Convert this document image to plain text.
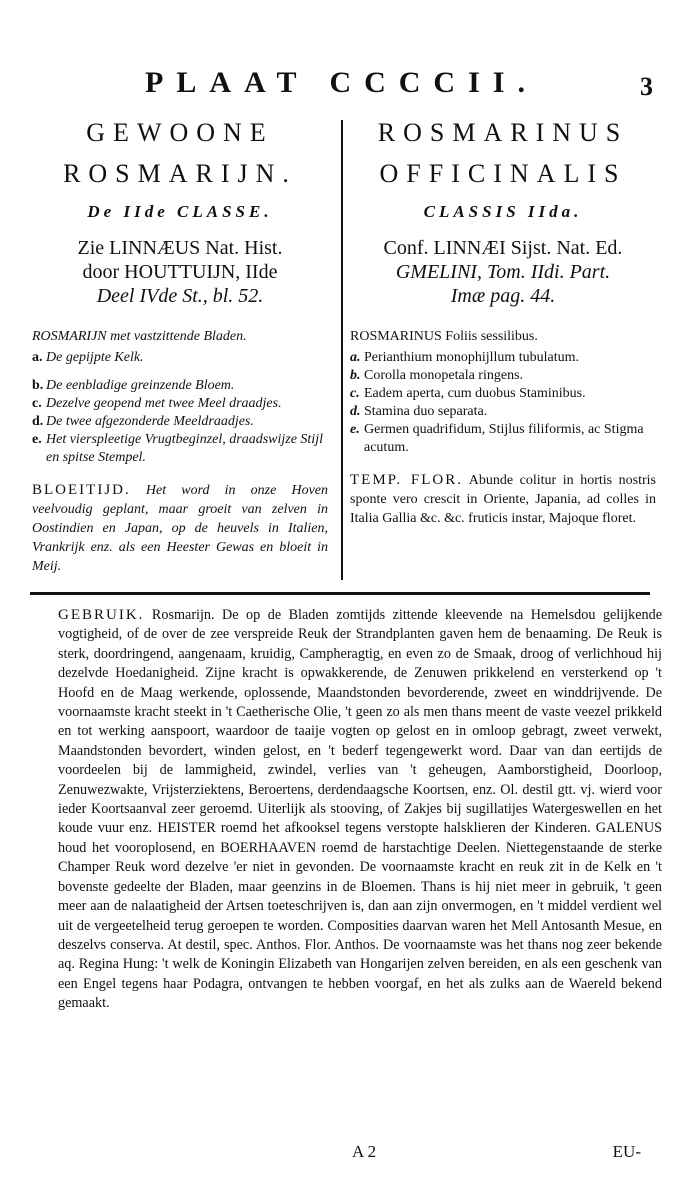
3
PLAAT CCCCII.
GEWOONE
ROSMARIJN.
De IIde CLASSE.
Zie LINNÆUS Nat. Hist.
door HOUTTUIJN, IIde
Deel IVde St., bl. 52.
ROSMARIJN met vastzittende Bladen.
a. De gepijpte Kelk.
b. De eenbladige greinzende Bloem.
c. Dezelve geopend met twee Meel draadjes.
d. De twee afgezonderde Meeldraadjes.
e. Het vierspleetige Vrugtbeginzel, draadswijze Stijl en spitse Stempel.
BLOEITIJD. Het word in onze Hoven veelvoudig geplant, maar groeit van zelven in Oostindien en Japan, op de heuvels in Italien, Vrankrijk enz. als een Heester Gewas en bloeit in Meij.
ROSMARINUS
OFFICINALIS
CLASSIS IIda.
Conf. LINNÆI Sijst. Nat. Ed.
GMELINI, Tom. IIdi. Part.
Imæ pag. 44.
ROSMARINUS Foliis sessilibus.
a. Perianthium monophijllum tubulatum.
b. Corolla monopetala ringens.
c. Eadem aperta, cum duobus Staminibus.
d. Stamina duo separata.
e. Germen quadrifidum, Stijlus filiformis, ac Stigma acutum.
TEMP. FLOR. Abunde colitur in hortis nostris sponte vero crescit in Oriente, Japania, ad colles in Italia Gallia &c. &c. fruticis instar, Majoque floret.

GEBRUIK. Rosmarijn. De op de Bladen zomtijds zittende kleevende na Hemelsdou gelijkende vogtigheid, of de over de zee verspreide Reuk der Strandplanten gaven hem de benaaming. De Reuk is sterk, doordringend, aangenaam, kruidig, Campheragtig, en even zo de Smaak, droog of verlichhoud hij dezelvde Hoedanigheid. Zijne kracht is opwakkerende, de Zenuwen prikkelend en versterkend op 't Hoofd en de Maag werkende, oplossende, Maandstonden bevorderende, zweet en winddrijvende. De voornaamste kracht steekt in 't Caetherische Olie, 't geen zo als men thans meent de vaste veezel prikkeld en tot werking aanspoort, waardoor de taaije vogten op gelost en in omloop gebragt, zweet verwekt, Maandstonden bevordert, winden gelost, en 't bederf tegengewerkt word. Daar van dan eertijds de voordeelen bij de lammigheid, zwindel, verlies van 't geheugen, Aamborstigheid, Doorloop, Zenuwezwakte, Vrijsterziektens, Beroertens, derdendaagsche Koortsen, enz. Ol. destil gtt. vj. wierd voor ieder Koortsaanval zeer geroemd. Uiterlijk als stooving, of Zakjes bij sugillatijes Watergeswellen en het koude vuur enz. HEISTER roemd het afkooksel tegens verstopte halsklieren der Kinderen. GALENUS houd het vooroplosend, en BOERHAAVEN roemd de harstachtige Deelen. Niettegenstaande de sterke Champer Reuk word dezelve 'er niet in gevonden. De voornaamste kracht en reuk zit in de Kelk en 't bovenste gedeelte der Bladen, maar geenzins in de Bloemen. Thans is hij niet meer in gebruik, 't geen meer aan de nalaatigheid der Artsen toeteschrijven is, dan aan zijn onvermogen, en 't middel verdient wel uit de vergeetelheid terug geroepen te worden. Composities daarvan waren het Mell Antosanth Mesue, en deszelvs conserva. At destil, spec. Anthos. Flor. Anthos. De voornaamste was het thans nog zeer bekende aq. Regina Hung: 't welk de Koningin Elizabeth van Hongarijen zelven bereiden, en als een geschenk van een Engel tegens haar Podagra, ontvangen te hebben voorgaf, en het als zulks aan de Waereld bekend gemaakt.

A 2	EU-
